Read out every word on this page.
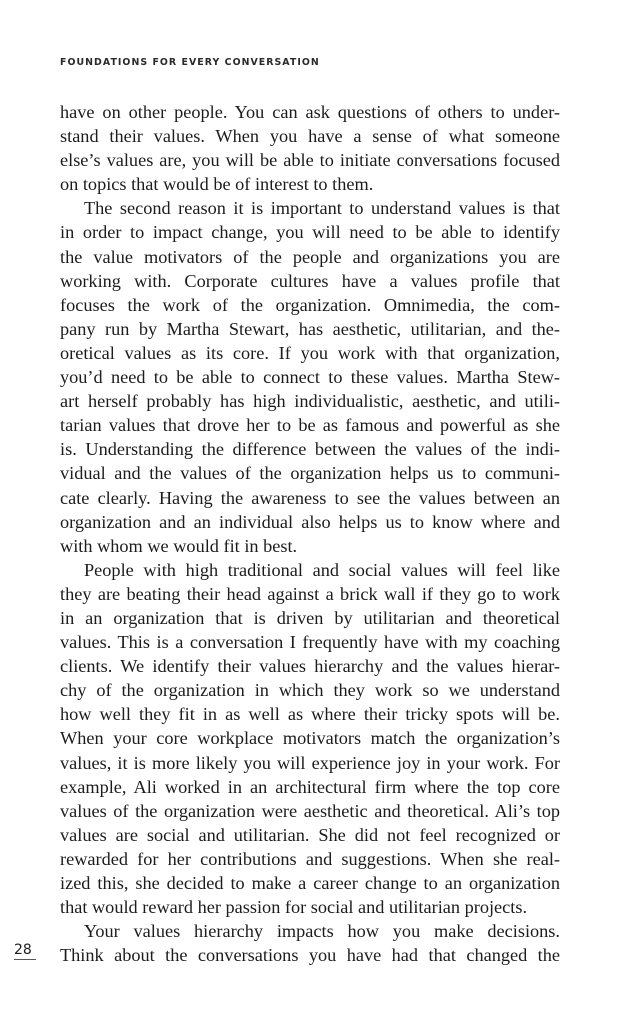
FOUNDATIONS FOR EVERY CONVERSATION
have on other people. You can ask questions of others to under-
stand their values. When you have a sense of what someone
else’s values are, you will be able to initiate conversations focused
on topics that would be of interest to them.
The second reason it is important to understand values is that
in order to impact change, you will need to be able to identify
the value motivators of the people and organizations you are
working with. Corporate cultures have a values profile that
focuses the work of the organization. Omnimedia, the com-
pany run by Martha Stewart, has aesthetic, utilitarian, and the-
oretical values as its core. If you work with that organization,
you’d need to be able to connect to these values. Martha Stew-
art herself probably has high individualistic, aesthetic, and utili-
tarian values that drove her to be as famous and powerful as she
is. Understanding the difference between the values of the indi-
vidual and the values of the organization helps us to communi-
cate clearly. Having the awareness to see the values between an
organization and an individual also helps us to know where and
with whom we would fit in best.
People with high traditional and social values will feel like
they are beating their head against a brick wall if they go to work
in an organization that is driven by utilitarian and theoretical
values. This is a conversation I frequently have with my coaching
clients. We identify their values hierarchy and the values hierar-
chy of the organization in which they work so we understand
how well they fit in as well as where their tricky spots will be.
When your core workplace motivators match the organization’s
values, it is more likely you will experience joy in your work. For
example, Ali worked in an architectural firm where the top core
values of the organization were aesthetic and theoretical. Ali’s top
values are social and utilitarian. She did not feel recognized or
rewarded for her contributions and suggestions. When she real-
ized this, she decided to make a career change to an organization
that would reward her passion for social and utilitarian projects.
Your values hierarchy impacts how you make decisions.
Think about the conversations you have had that changed the
28
